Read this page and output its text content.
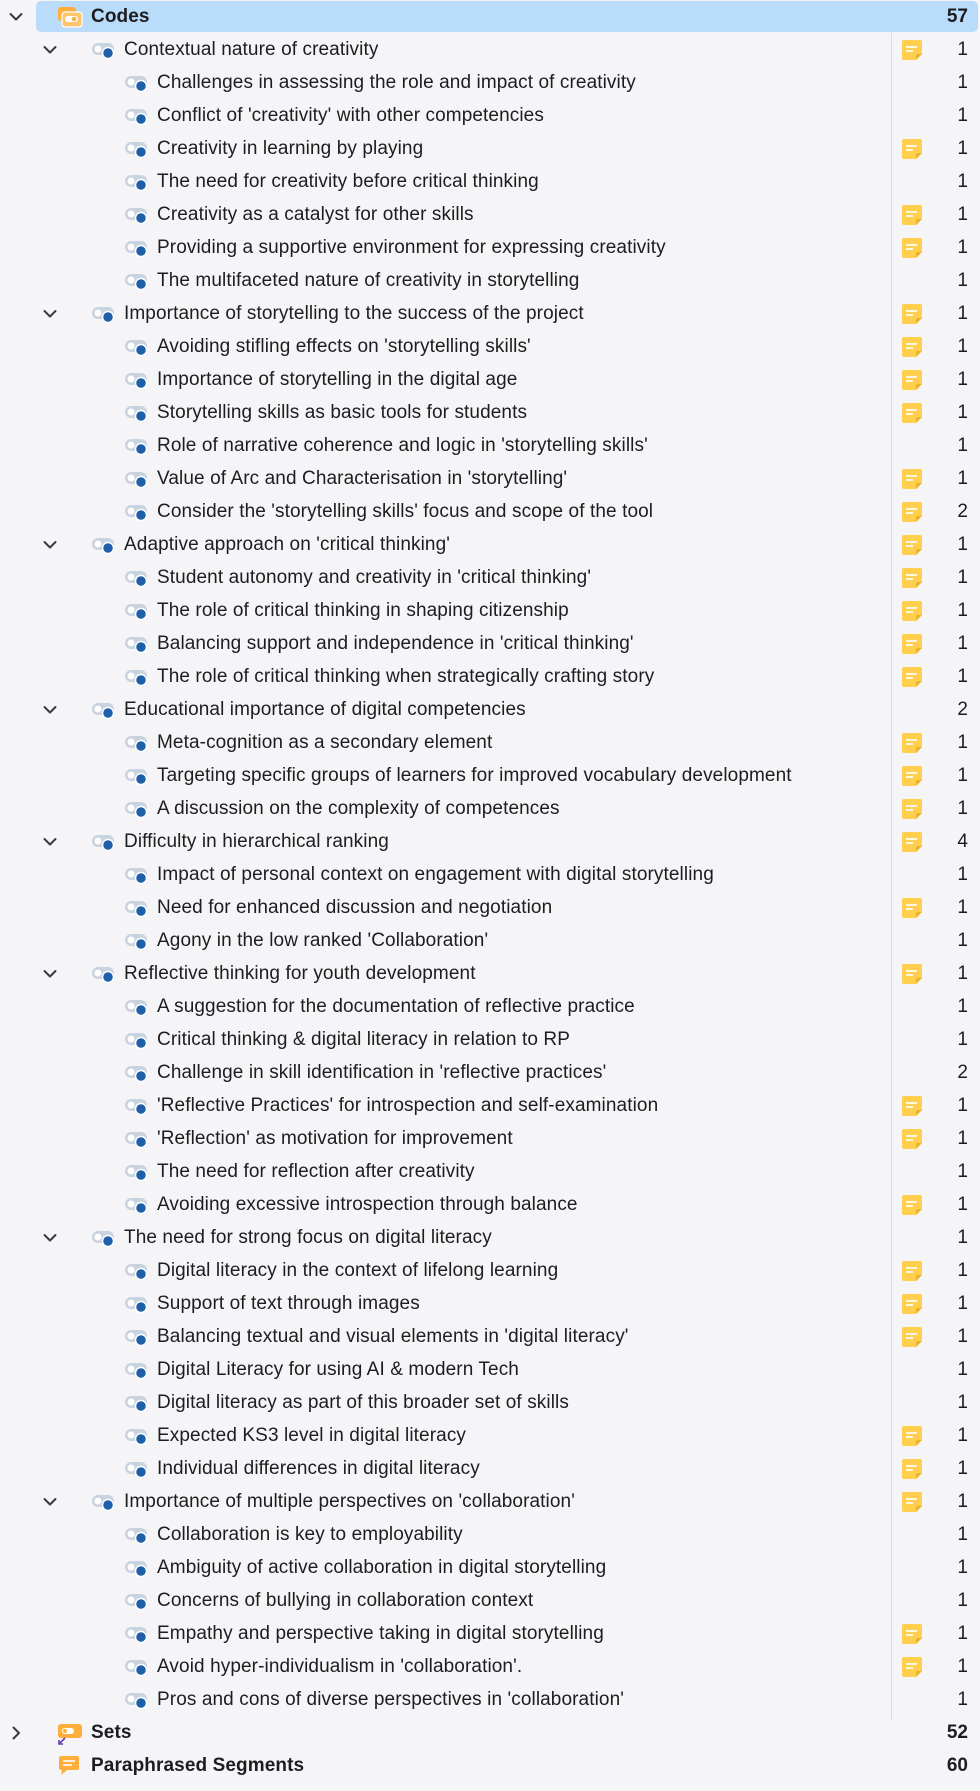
Codes	57
Contextual nature of creativity	1
Challenges in assessing the role and impact of creativity	1
Conflict of 'creativity' with other competencies	1
Creativity in learning by playing	1
The need for creativity before critical thinking	1
Creativity as a catalyst for other skills	1
Providing a supportive environment for expressing creativity	1
The multifaceted nature of creativity in storytelling	1
Importance of storytelling to the success of the project	1
Avoiding stifling effects on 'storytelling skills'	1
Importance of storytelling in the digital age	1
Storytelling skills as basic tools for students	1
Role of narrative coherence and logic in 'storytelling skills'	1
Value of Arc and Characterisation in 'storytelling'	1
Consider the 'storytelling skills' focus and scope of the tool	2
Adaptive approach on 'critical thinking'	1
Student autonomy and creativity in 'critical thinking'	1
The role of critical thinking in shaping citizenship	1
Balancing support and independence in 'critical thinking'	1
The role of critical thinking when strategically crafting story	1
Educational importance of digital competencies	2
Meta-cognition as a secondary element	1
Targeting specific groups of learners for improved vocabulary development	1
A discussion on the complexity of competences	1
Difficulty in hierarchical ranking	4
Impact of personal context on engagement with digital storytelling	1
Need for enhanced discussion and negotiation	1
Agony in the low ranked 'Collaboration'	1
Reflective thinking for youth development	1
A suggestion for the documentation of reflective practice	1
Critical thinking & digital literacy in relation to RP	1
Challenge in skill identification in 'reflective practices'	2
'Reflective Practices' for introspection and self-examination	1
'Reflection' as motivation for improvement	1
The need for reflection after creativity	1
Avoiding excessive introspection through balance	1
The need for strong focus on digital literacy	1
Digital literacy in the context of lifelong learning	1
Support of text through images	1
Balancing textual and visual elements in 'digital literacy'	1
Digital Literacy for using AI & modern Tech	1
Digital literacy as part of this broader set of skills	1
Expected KS3 level in digital literacy	1
Individual differences in digital literacy	1
Importance of multiple perspectives on 'collaboration'	1
Collaboration is key to employability	1
Ambiguity of active collaboration in digital storytelling	1
Concerns of bullying in collaboration context	1
Empathy and perspective taking in digital storytelling	1
Avoid hyper-individualism in 'collaboration'.	1
Pros and cons of diverse perspectives in 'collaboration'	1
Sets	52
Paraphrased Segments	60
